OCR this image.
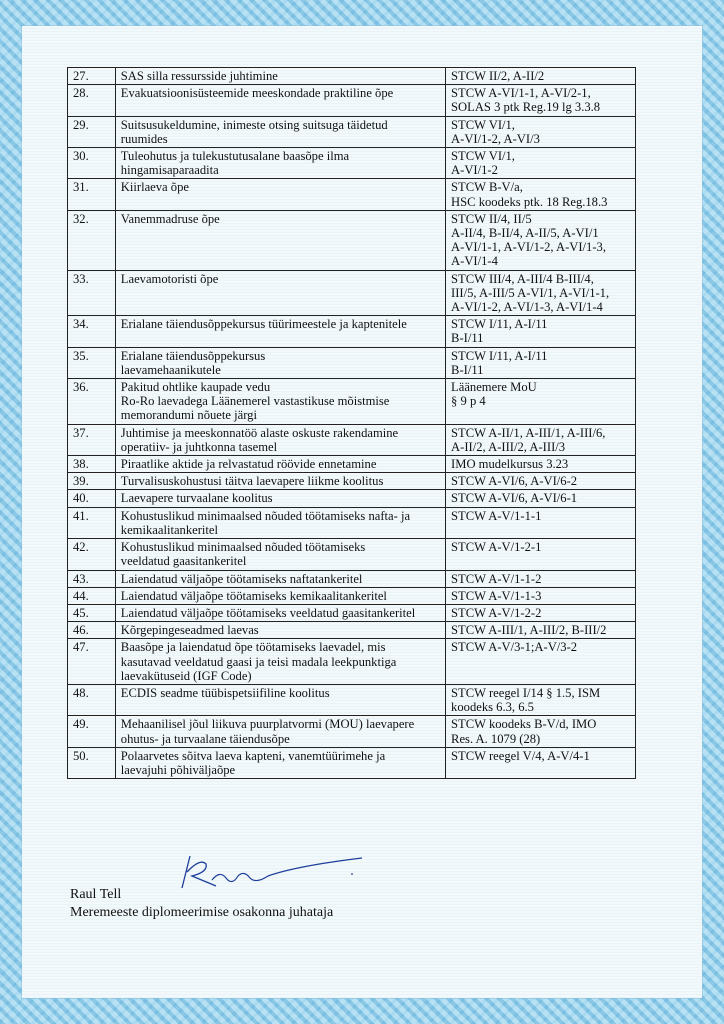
27.	SAS silla ressursside juhtimine	STCW II/2, A-II/2
28.	Evakuatsioonisüsteemide meeskondade praktiline õpe	STCW A-VI/1-1, A-VI/2-1,
SOLAS 3 ptk Reg.19 lg 3.3.8
29.	Suitsusukeldumine, inimeste otsing suitsuga täidetud
ruumides	STCW VI/1,
A-VI/1-2, A-VI/3
30.	Tuleohutus ja tulekustutusalane baasõpe ilma
hingamisaparaadita	STCW VI/1,
A-VI/1-2
31.	Kiirlaeva õpe	STCW B-V/a,
HSC koodeks ptk. 18 Reg.18.3
32.	Vanemmadruse õpe	STCW II/4, II/5
A-II/4, B-II/4, A-II/5, A-VI/1
A-VI/1-1, A-VI/1-2, A-VI/1-3,
A-VI/1-4
33.	Laevamotoristi õpe	STCW III/4, A-III/4 B-III/4,
III/5, A-III/5 A-VI/1, A-VI/1-1,
A-VI/1-2, A-VI/1-3, A-VI/1-4
34.	Erialane täiendusõppekursus tüürimeestele ja kaptenitele	STCW I/11, A-I/11
B-I/11
35.	Erialane täiendusõppekursus
laevamehaanikutele	STCW I/11, A-I/11
B-I/11
36.	Pakitud ohtlike kaupade vedu
Ro-Ro laevadega Läänemerel vastastikuse mõistmise
memorandumi nõuete järgi	Läänemere MoU
§ 9 p 4
37.	Juhtimise ja meeskonnatöö alaste oskuste rakendamine
operatiiv- ja juhtkonna tasemel	STCW A-II/1, A-III/1, A-III/6,
A-II/2, A-III/2, A-III/3
38.	Piraatlike aktide ja relvastatud röövide ennetamine	IMO mudelkursus 3.23
39.	Turvalisuskohustusi täitva laevapere liikme koolitus	STCW A-VI/6, A-VI/6-2
40.	Laevapere turvaalane koolitus	STCW A-VI/6, A-VI/6-1
41.	Kohustuslikud minimaalsed nõuded töötamiseks nafta- ja
kemikaalitankeritel	STCW A-V/1-1-1
42.	Kohustuslikud minimaalsed nõuded töötamiseks
veeldatud gaasitankeritel	STCW A-V/1-2-1
43.	Laiendatud väljaõpe töötamiseks naftatankeritel	STCW A-V/1-1-2
44.	Laiendatud väljaõpe töötamiseks kemikaalitankeritel	STCW A-V/1-1-3
45.	Laiendatud väljaõpe töötamiseks veeldatud gaasitankeritel	STCW A-V/1-2-2
46.	Kõrgepingeseadmed laevas	STCW A-III/1, A-III/2, B-III/2
47.	Baasõpe ja laiendatud õpe töötamiseks laevadel, mis
kasutavad veeldatud gaasi ja teisi madala leekpunktiga
laevakütuseid (IGF Code)	STCW A-V/3-1;A-V/3-2
48.	ECDIS seadme tüübispetsiifiline koolitus	STCW reegel I/14 § 1.5, ISM
koodeks 6.3, 6.5
49.	Mehaanilisel jõul liikuva puurplatvormi (MOU) laevapere
ohutus- ja turvaalane täiendusõpe	STCW koodeks B-V/d, IMO
Res. A. 1079 (28)
50.	Polaarvetes sõitva laeva kapteni, vanemtüürimehe ja
laevajuhi põhiväljaõpe	STCW reegel V/4, A-V/4-1
Raul Tell
Meremeeste diplomeerimise osakonna juhataja
